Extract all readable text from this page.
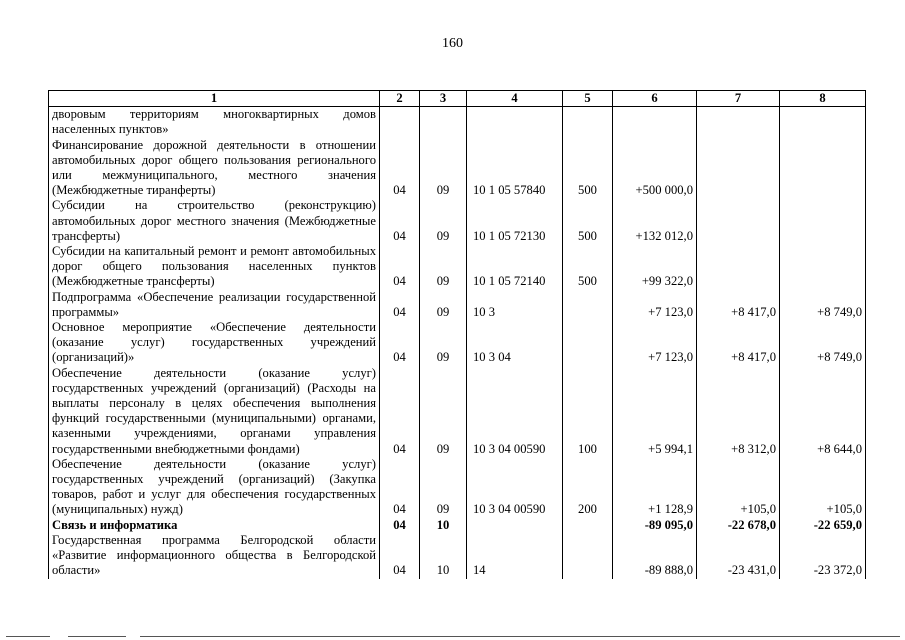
160
1	2	3	4	5	6	7	8
дворовым территориям многоквартирных домов населенных пунктов»
Финансирование дорожной деятельности в отношении автомобильных дорог общего пользования регионального или межмуниципального, местного значения (Межбюджетные тиранферты)	04	09	10 1 05 57840	500	+500 000,0		
Субсидии на строительство (реконструкцию) автомобильных дорог местного значения (Межбюджетные трансферты)	04	09	10 1 05 72130	500	+132 012,0		
Субсидии на капитальный ремонт и ремонт автомобильных дорог общего пользования населенных пунктов (Межбюджетные трансферты)	04	09	10 1 05 72140	500	+99 322,0		
Подпрограмма «Обеспечение реализации государственной программы»	04	09	10 3		+7 123,0	+8 417,0	+8 749,0
Основное мероприятие «Обеспечение деятельности (оказание услуг) государственных учреждений (организаций)»	04	09	10 3 04		+7 123,0	+8 417,0	+8 749,0
Обеспечение деятельности (оказание услуг) государственных учреждений (организаций) (Расходы на выплаты персоналу в целях обеспечения выполнения функций государственными (муниципальными) органами, казенными учреждениями, органами управления государственными внебюджетными фондами)	04	09	10 3 04 00590	100	+5 994,1	+8 312,0	+8 644,0
Обеспечение деятельности (оказание услуг) государственных учреждений (организаций) (Закупка товаров, работ и услуг для обеспечения государственных (муниципальных) нужд)	04	09	10 3 04 00590	200	+1 128,9	+105,0	+105,0
Связь и информатика	04	10			-89 095,0	-22 678,0	-22 659,0
Государственная программа Белгородской области «Развитие информационного общества в Белгородской области»	04	10	14		-89 888,0	-23 431,0	-23 372,0
